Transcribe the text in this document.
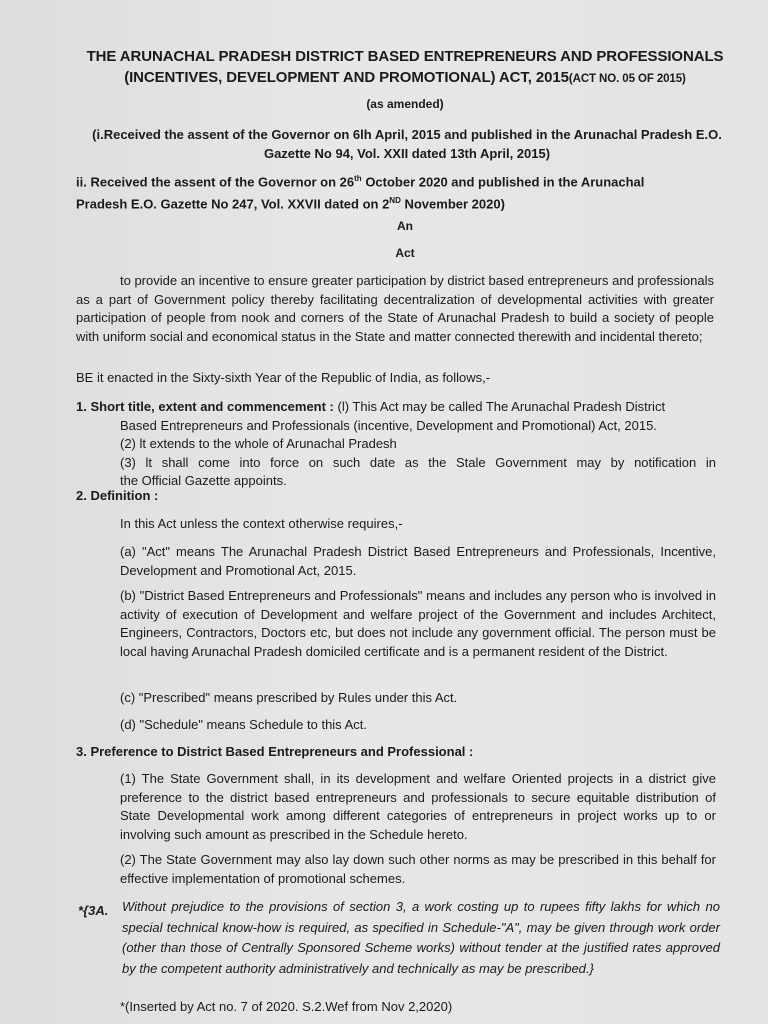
THE ARUNACHAL PRADESH DISTRICT BASED ENTREPRENEURS AND PROFESSIONALS
(INCENTIVES, DEVELOPMENT AND PROMOTIONAL) ACT, 2015(ACT NO. 05 OF 2015)
(as amended)
(i.Received the assent of the Governor on 6lh April, 2015 and published in the Arunachal Pradesh E.O. Gazette No 94, Vol. XXII dated 13th April, 2015)
ii. Received the assent of the Governor on 26th October 2020 and published in the Arunachal Pradesh E.O. Gazette No 247, Vol. XXVII dated on 2ND November 2020)
An
Act
to provide an incentive to ensure greater participation by district based entrepreneurs and professionals as a part of Government policy thereby facilitating decentralization of developmental activities with greater participation of people from nook and corners of the State of Arunachal Pradesh to build a society of people with uniform social and economical status in the State and matter connected therewith and incidental thereto;
BE it enacted in the Sixty-sixth Year of the Republic of India, as follows,-
1. Short title, extent and commencement : (l) This Act may be called The Arunachal Pradesh District
Based Entrepreneurs and Professionals (incentive, Development and Promotional) Act, 2015.
(2) lt extends to the whole of Arunachal Pradesh
(3) lt shall come into force on such date as the Stale Government may by notification in
the Official Gazette appoints.
2. Definition :
In this Act unless the context otherwise requires,-
(a) "Act" means The Arunachal Pradesh District Based Entrepreneurs and Professionals, Incentive, Development and Promotional Act, 2015.
(b) "District Based Entrepreneurs and Professionals" means and includes any person who is involved in activity of execution of Development and welfare project of the Government and includes Architect, Engineers, Contractors, Doctors etc, but does not include any government official. The person must be local having Arunachal Pradesh domiciled certificate and is a permanent resident of the District.
(c) "Prescribed" means prescribed by Rules under this Act.
(d) "Schedule" means Schedule to this Act.
3. Preference to District Based Entrepreneurs and Professional :
(1) The State Government shall, in its development and welfare Oriented projects in a district give preference to the district based entrepreneurs and professionals to secure equitable distribution of State Developmental work among different categories of entrepreneurs in project works up to or involving such amount as prescribed in the Schedule hereto.
(2) The State Government may also lay down such other norms as may be prescribed in this behalf for effective implementation of promotional schemes.
*{3A. Without prejudice to the provisions of section 3, a work costing up to rupees fifty lakhs for which no special technical know-how is required, as specified in Schedule-"A", may be given through work order (other than those of Centrally Sponsored Scheme works) without tender at the justified rates approved by the competent authority administratively and technically as may be prescribed.}
*(Inserted by Act no. 7 of 2020. S.2.Wef from Nov 2,2020)
